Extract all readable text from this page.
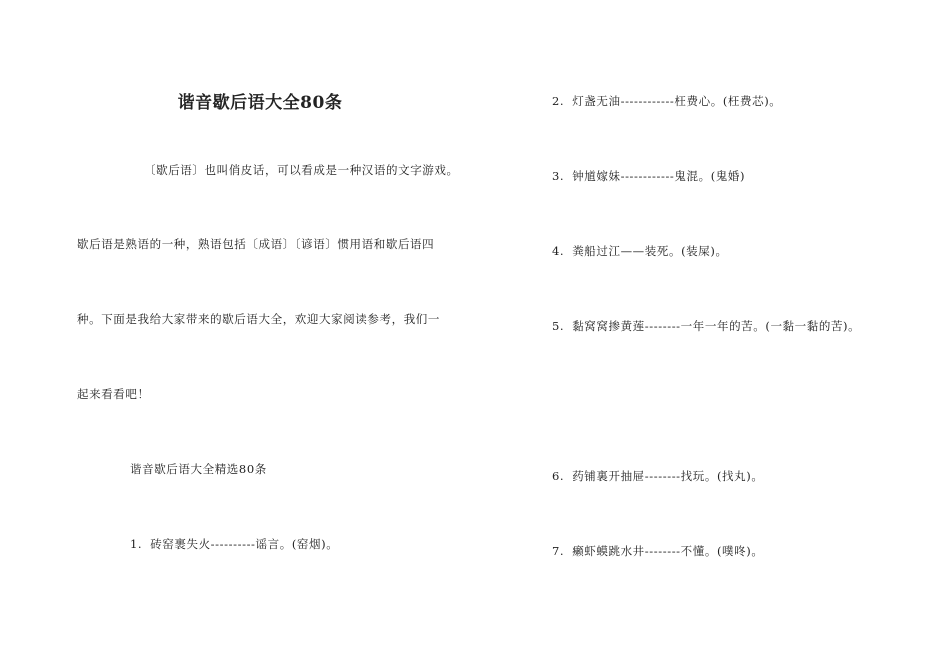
谐音歇后语大全80条
〔歇后语〕也叫俏皮话，可以看成是一种汉语的文字游戏。
歇后语是熟语的一种，熟语包括〔成语〕〔谚语〕惯用语和歇后语四
种。下面是我给大家带来的歇后语大全，欢迎大家阅读参考，我们一
起来看看吧！
谐音歇后语大全精选80条
1. 砖窑裹失火----------谣言。(窑烟)。
2. 灯盏无油------------枉费心。(枉费芯)。
3. 钟馗嫁妹------------鬼混。(鬼婚)
4. 粪船过江——装死。(装屎)。
5. 黏窝窝掺黄莲--------一年一年的苦。(一黏一黏的苦)。
6. 药铺裏开抽屉--------找玩。(找丸)。
7. 癞虾蟆跳水井--------不懂。(噗咚)。
